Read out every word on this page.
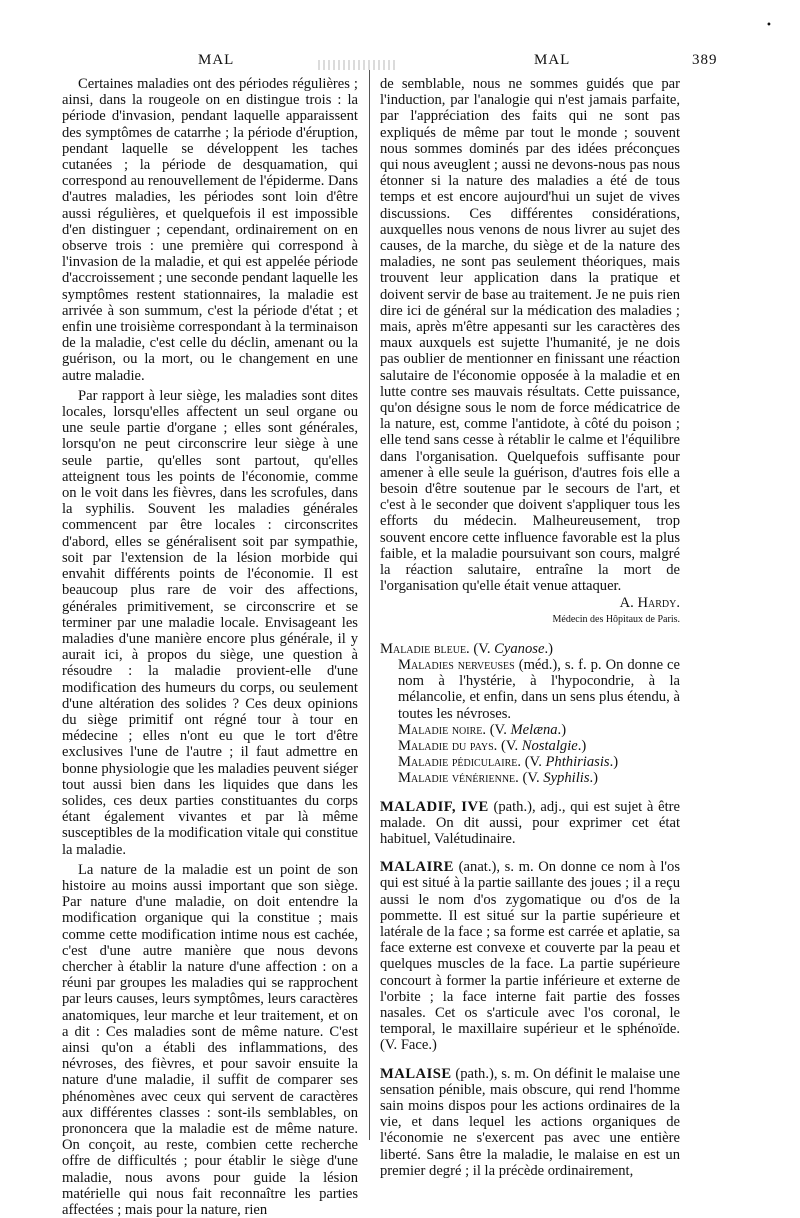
•
MAL	MAL	389

Certaines maladies ont des périodes régulières ; ainsi, dans la rougeole on en distingue trois : la période d'invasion, pendant laquelle apparaissent des symptômes de catarrhe ; la période d'éruption, pendant laquelle se développent les taches cutanées ; la période de desquamation, qui correspond au renouvellement de l'épiderme. Dans d'autres maladies, les périodes sont loin d'être aussi régulières, et quelquefois il est impossible d'en distinguer ; cependant, ordinairement on en observe trois : une première qui correspond à l'invasion de la maladie, et qui est appelée période d'accroissement ; une seconde pendant laquelle les symptômes restent stationnaires, la maladie est arrivée à son summum, c'est la période d'état ; et enfin une troisième correspondant à la terminaison de la maladie, c'est celle du déclin, amenant ou la guérison, ou la mort, ou le changement en une autre maladie.

Par rapport à leur siège, les maladies sont dites locales, lorsqu'elles affectent un seul organe ou une seule partie d'organe ; elles sont générales, lorsqu'on ne peut circonscrire leur siège à une seule partie, qu'elles sont partout, qu'elles atteignent tous les points de l'économie, comme on le voit dans les fièvres, dans les scrofules, dans la syphilis. Souvent les maladies générales commencent par être locales : circonscrites d'abord, elles se généralisent soit par sympathie, soit par l'extension de la lésion morbide qui envahit différents points de l'économie. Il est beaucoup plus rare de voir des affections, générales primitivement, se circonscrire et se terminer par une maladie locale. Envisageant les maladies d'une manière encore plus générale, il y aurait ici, à propos du siège, une question à résoudre : la maladie provient-elle d'une modification des humeurs du corps, ou seulement d'une altération des solides ? Ces deux opinions du siège primitif ont régné tour à tour en médecine ; elles n'ont eu que le tort d'être exclusives l'une de l'autre ; il faut admettre en bonne physiologie que les maladies peuvent siéger tout aussi bien dans les liquides que dans les solides, ces deux parties constituantes du corps étant également vivantes et par là même susceptibles de la modification vitale qui constitue la maladie.

La nature de la maladie est un point de son histoire au moins aussi important que son siège. Par nature d'une maladie, on doit entendre la modification organique qui la constitue ; mais comme cette modification intime nous est cachée, c'est d'une autre manière que nous devons chercher à établir la nature d'une affection : on a réuni par groupes les maladies qui se rapprochent par leurs causes, leurs symptômes, leurs caractères anatomiques, leur marche et leur traitement, et on a dit : Ces maladies sont de même nature. C'est ainsi qu'on a établi des inflammations, des névroses, des fièvres, et pour savoir ensuite la nature d'une maladie, il suffit de comparer ses phénomènes avec ceux qui servent de caractères aux différentes classes : sont-ils semblables, on prononcera que la maladie est de même nature. On conçoit, au reste, combien cette recherche offre de difficultés ; pour établir le siège d'une maladie, nous avons pour guide la lésion matérielle qui nous fait reconnaître les parties affectées ; mais pour la nature, rien

de semblable, nous ne sommes guidés que par l'induction, par l'analogie qui n'est jamais parfaite, par l'appréciation des faits qui ne sont pas expliqués de même par tout le monde ; souvent nous sommes dominés par des idées préconçues qui nous aveuglent ; aussi ne devons-nous pas nous étonner si la nature des maladies a été de tous temps et est encore aujourd'hui un sujet de vives discussions. Ces différentes considérations, auxquelles nous venons de nous livrer au sujet des causes, de la marche, du siège et de la nature des maladies, ne sont pas seulement théoriques, mais trouvent leur application dans la pratique et doivent servir de base au traitement. Je ne puis rien dire ici de général sur la médication des maladies ; mais, après m'être appesanti sur les caractères des maux auxquels est sujette l'humanité, je ne dois pas oublier de mentionner en finissant une réaction salutaire de l'économie opposée à la maladie et en lutte contre ses mauvais résultats. Cette puissance, qu'on désigne sous le nom de force médicatrice de la nature, est, comme l'antidote, à côté du poison ; elle tend sans cesse à rétablir le calme et l'équilibre dans l'organisation. Quelquefois suffisante pour amener à elle seule la guérison, d'autres fois elle a besoin d'être soutenue par le secours de l'art, et c'est à le seconder que doivent s'appliquer tous les efforts du médecin. Malheureusement, trop souvent encore cette influence favorable est la plus faible, et la maladie poursuivant son cours, malgré la réaction salutaire, entraîne la mort de l'organisation qu'elle était venue attaquer.

A. Hardy.

Médecin des Hôpitaux de Paris.

Maladie bleue. (V. Cyanose.)

Maladies nerveuses (méd.), s. f. p. On donne ce nom à l'hystérie, à l'hypocondrie, à la mélancolie, et enfin, dans un sens plus étendu, à toutes les névroses.

Maladie noire. (V. Melæna.)

Maladie du pays. (V. Nostalgie.)

Maladie pédiculaire. (V. Phthiriasis.)

Maladie vénérienne. (V. Syphilis.)

MALADIF, IVE (path.), adj., qui est sujet à être malade. On dit aussi, pour exprimer cet état habituel, Valétudinaire.

MALAIRE (anat.), s. m. On donne ce nom à l'os qui est situé à la partie saillante des joues ; il a reçu aussi le nom d'os zygomatique ou d'os de la pommette. Il est situé sur la partie supérieure et latérale de la face ; sa forme est carrée et aplatie, sa face externe est convexe et couverte par la peau et quelques muscles de la face. La partie supérieure concourt à former la partie inférieure et externe de l'orbite ; la face interne fait partie des fosses nasales. Cet os s'articule avec l'os coronal, le temporal, le maxillaire supérieur et le sphénoïde. (V. Face.)

MALAISE (path.), s. m. On définit le malaise une sensation pénible, mais obscure, qui rend l'homme sain moins dispos pour les actions ordinaires de la vie, et dans lequel les actions organiques de l'économie ne s'exercent pas avec une entière liberté. Sans être la maladie, le malaise en est un premier degré ; il la précède ordinairement,
